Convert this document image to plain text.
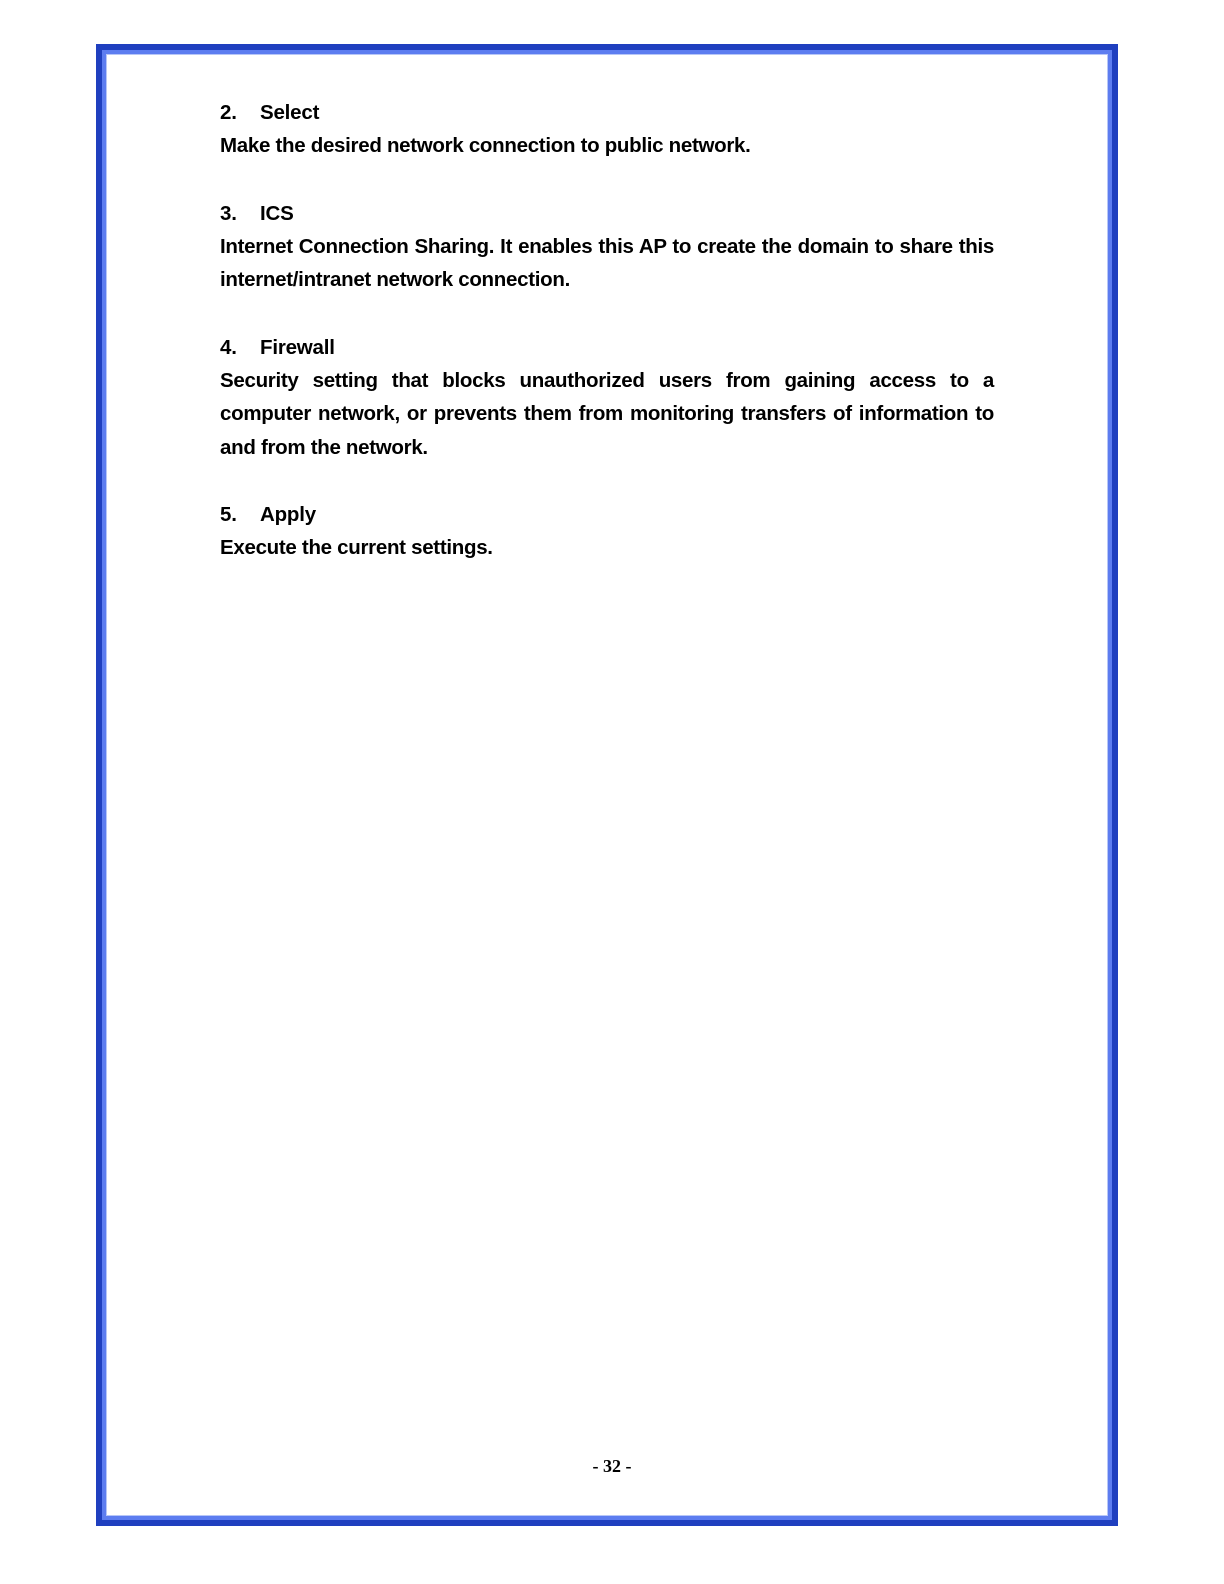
2.	Select

Make the desired network connection to public network.

3.	ICS

Internet Connection Sharing. It enables this AP to create the domain to share this internet/intranet network connection.

4.	Firewall

Security setting that blocks unauthorized users from gaining access to a computer network, or prevents them from monitoring transfers of information to and from the network.

5.	Apply

Execute the current settings.

- 32 -
